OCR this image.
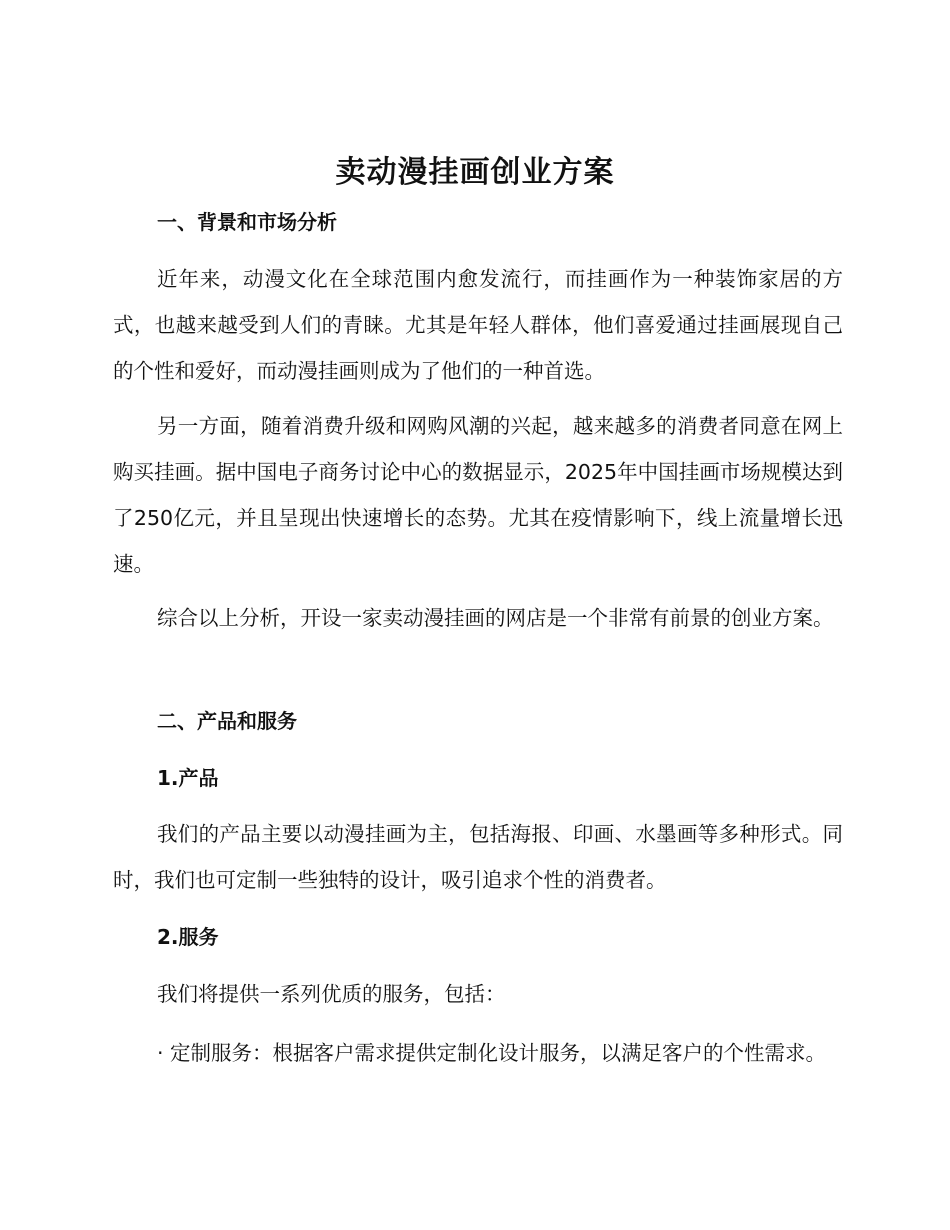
卖动漫挂画创业方案
一、背景和市场分析

近年来，动漫文化在全球范围内愈发流行，而挂画作为一种装饰家居的方式，也越来越受到人们的青睐。尤其是年轻人群体，他们喜爱通过挂画展现自己的个性和爱好，而动漫挂画则成为了他们的一种首选。

另一方面，随着消费升级和网购风潮的兴起，越来越多的消费者同意在网上购买挂画。据中国电子商务讨论中心的数据显示，2025年中国挂画市场规模达到了250亿元，并且呈现出快速增长的态势。尤其在疫情影响下，线上流量增长迅速。

综合以上分析，开设一家卖动漫挂画的网店是一个非常有前景的创业方案。

二、产品和服务
1.产品

我们的产品主要以动漫挂画为主，包括海报、印画、水墨画等多种形式。同时，我们也可定制一些独特的设计，吸引追求个性的消费者。

2.服务

我们将提供一系列优质的服务，包括：

· 定制服务：根据客户需求提供定制化设计服务，以满足客户的个性需求。
